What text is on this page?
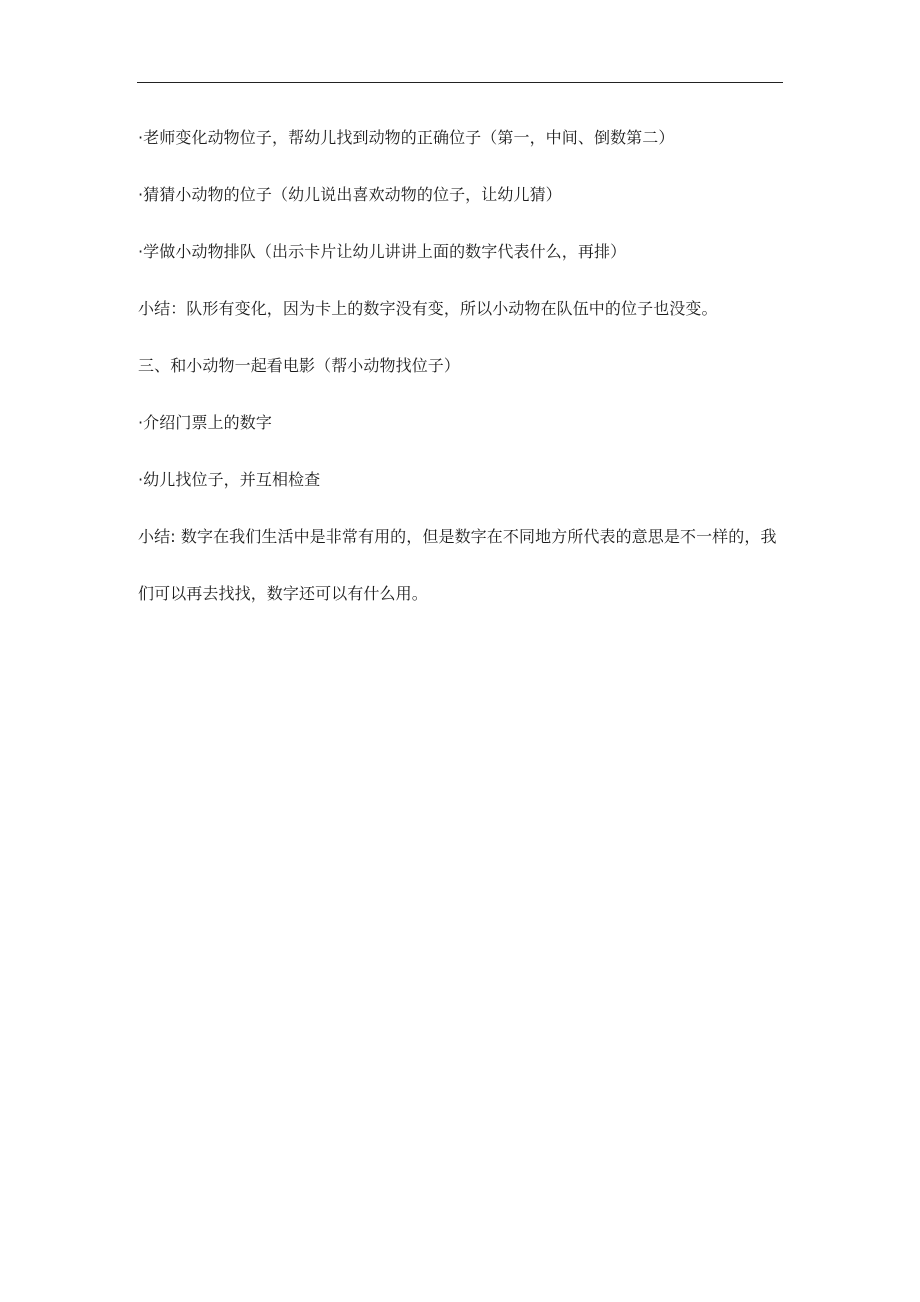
·老师变化动物位子，帮幼儿找到动物的正确位子（第一，中间、倒数第二）

·猜猜小动物的位子（幼儿说出喜欢动物的位子，让幼儿猜）

·学做小动物排队（出示卡片让幼儿讲讲上面的数字代表什么，再排）

小结：队形有变化，因为卡上的数字没有变，所以小动物在队伍中的位子也没变。

三、和小动物一起看电影（帮小动物找位子）

·介绍门票上的数字

·幼儿找位子，并互相检查

小结: 数字在我们生活中是非常有用的，但是数字在不同地方所代表的意思是不一样的，我
们可以再去找找，数字还可以有什么用。
